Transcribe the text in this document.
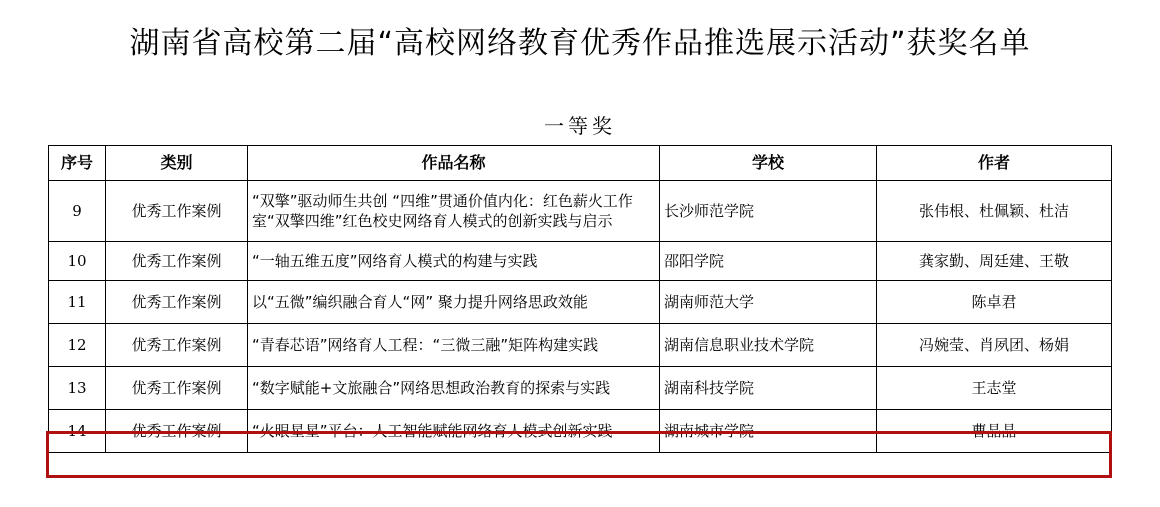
湖南省高校第二届“高校网络教育优秀作品推选展示活动”获奖名单
一等奖
序号	类别	作品名称	学校	作者
9	优秀工作案例	“双擎”驱动师生共创 “四维”贯通价值内化：红色薪火工作室“双擎四维”红色校史网络育人模式的创新实践与启示	长沙师范学院	张伟根、杜佩颖、杜洁
10	优秀工作案例	“一轴五维五度”网络育人模式的构建与实践	邵阳学院	龚家勤、周廷建、王敬
11	优秀工作案例	以“五微”编织融合育人“网” 聚力提升网络思政效能	湖南师范大学	陈卓君
12	优秀工作案例	“青春芯语”网络育人工程：“三微三融”矩阵构建实践	湖南信息职业技术学院	冯婉莹、肖夙团、杨娟
13	优秀工作案例	“数字赋能+文旅融合”网络思想政治教育的探索与实践	湖南科技学院	王志堂
14	优秀工作案例	“火眼星星”平台：人工智能赋能网络育人模式创新实践	湖南城市学院	曹晶晶
